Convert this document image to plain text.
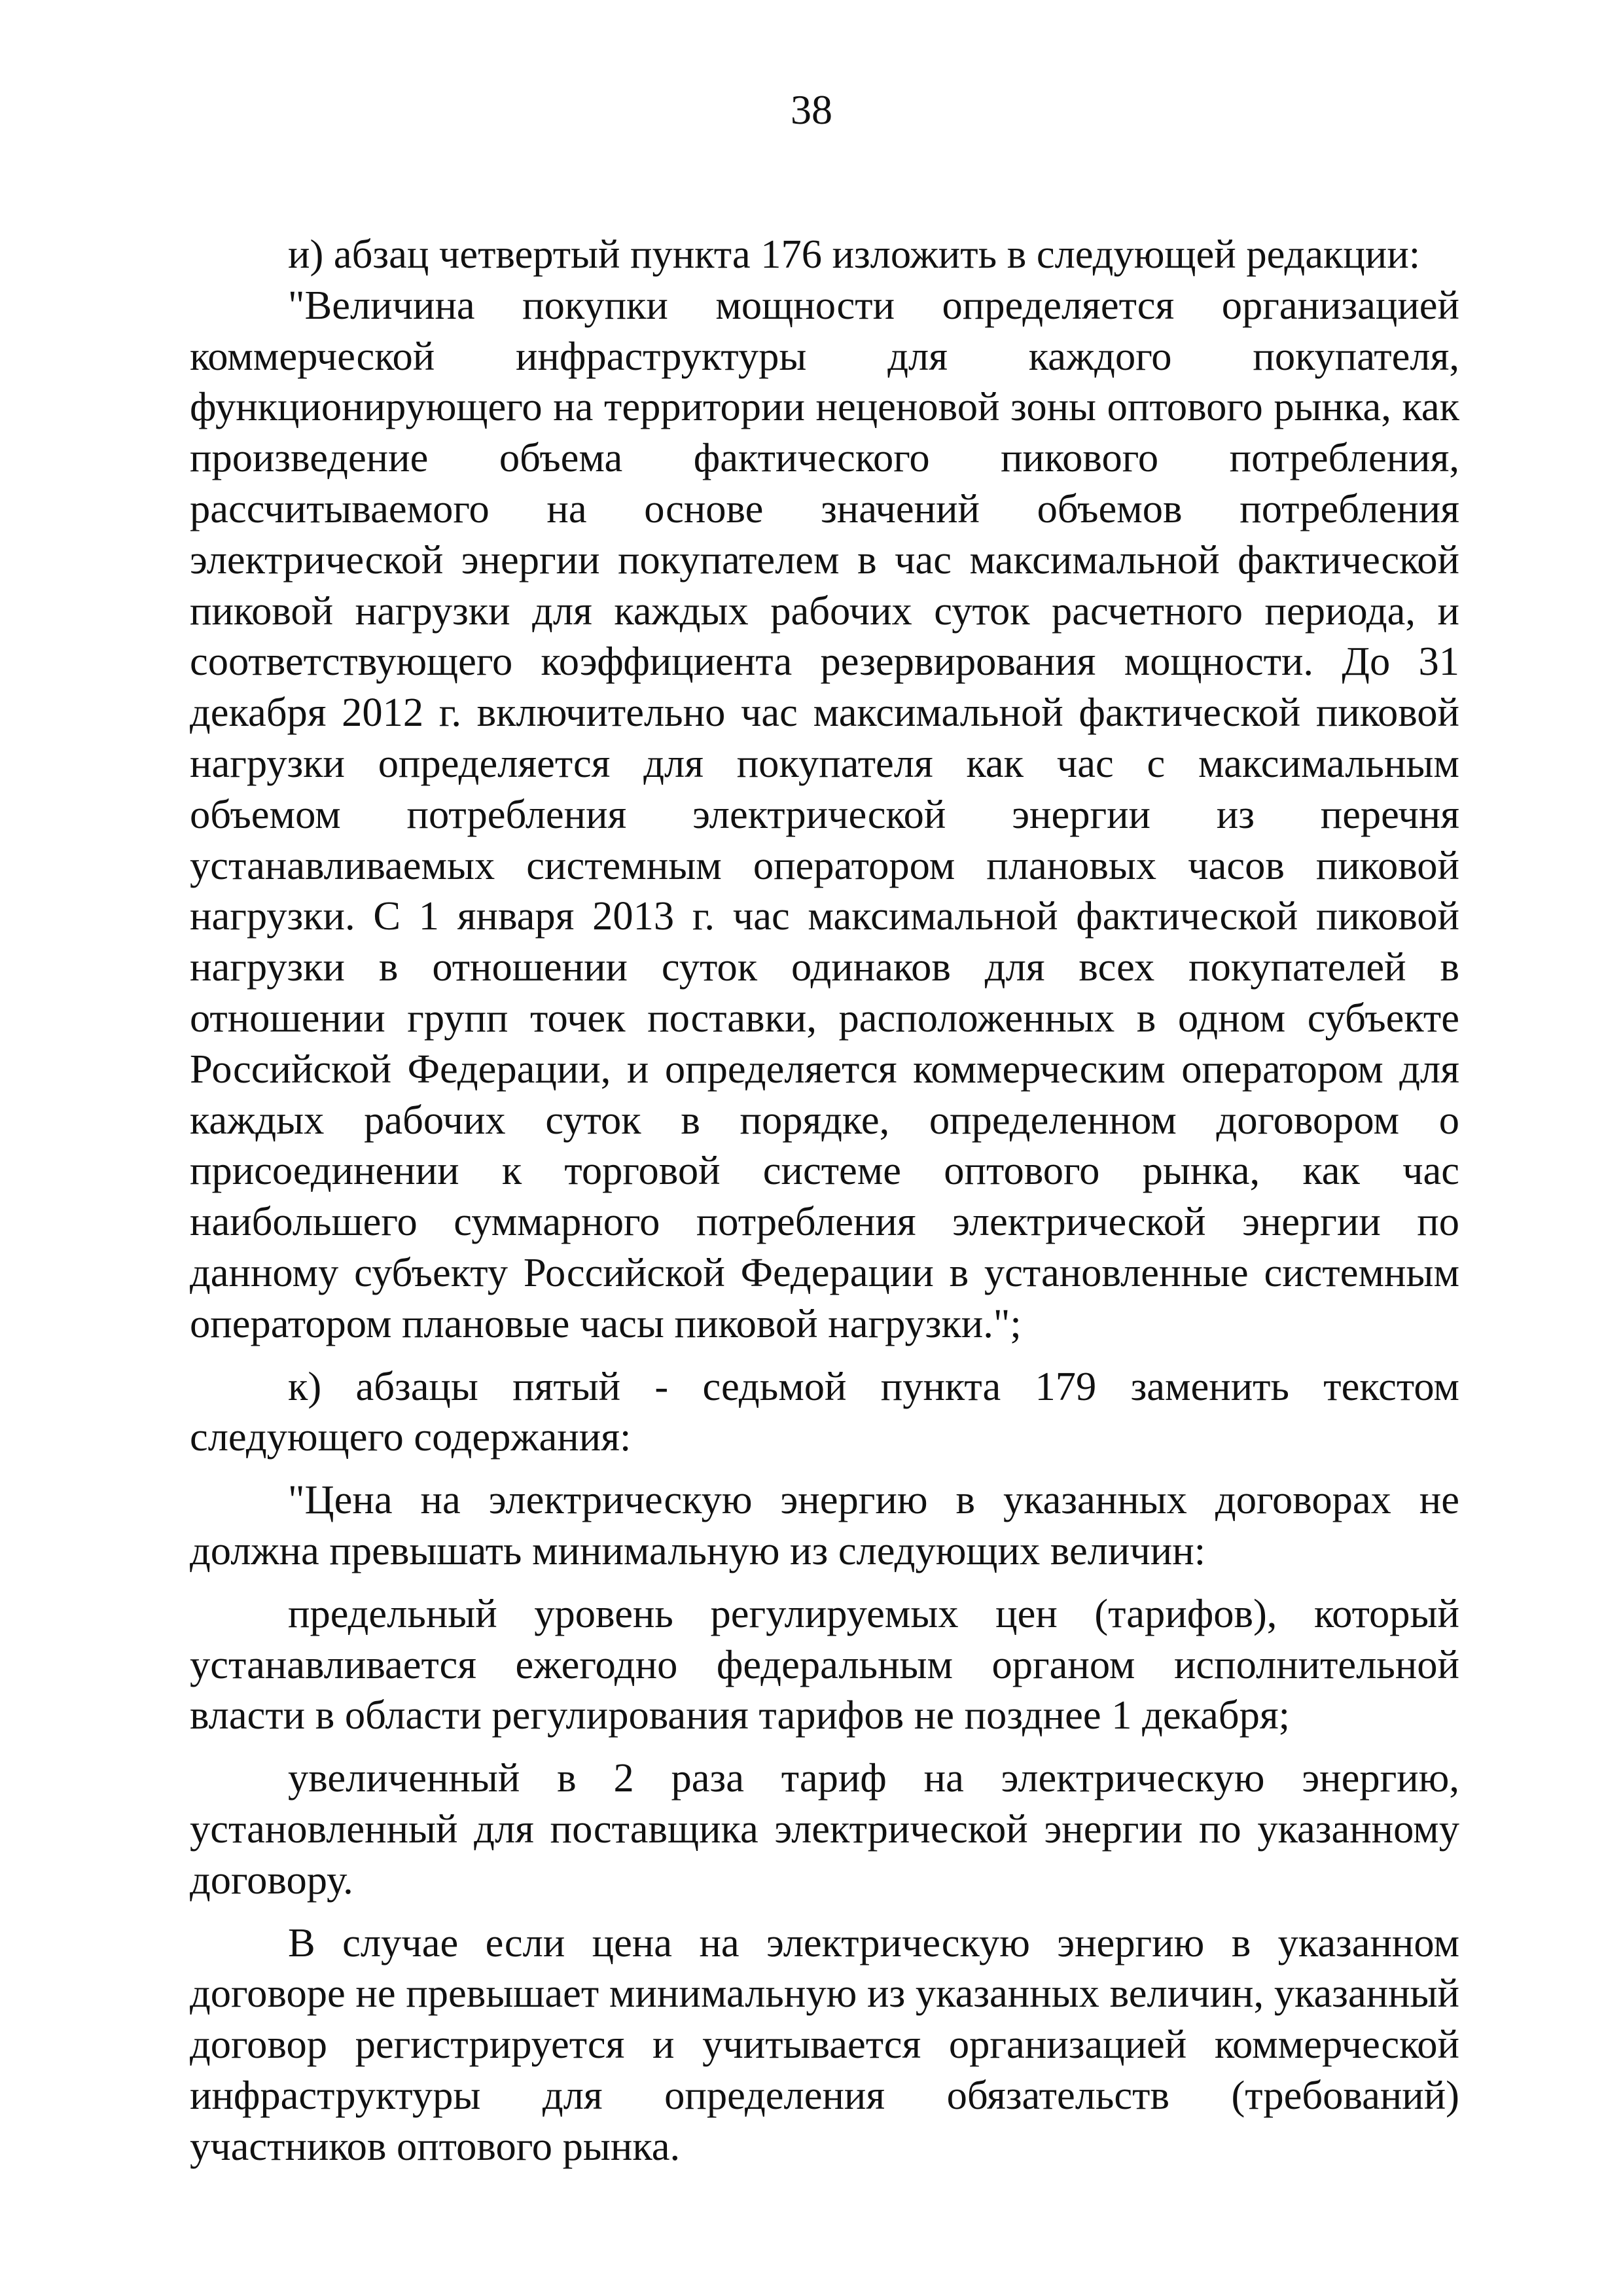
38

и) абзац четвертый пункта 176 изложить в следующей редакции:

"Величина покупки мощности определяется организацией коммерческой инфраструктуры для каждого покупателя, функционирующего на территории неценовой зоны оптового рынка, как произведение объема фактического пикового потребления, рассчитываемого на основе значений объемов потребления электрической энергии покупателем в час максимальной фактической пиковой нагрузки для каждых рабочих суток расчетного периода, и соответствующего коэффициента резервирования мощности. До 31 декабря 2012 г. включительно час максимальной фактической пиковой нагрузки определяется для покупателя как час с максимальным объемом потребления электрической энергии из перечня устанавливаемых системным оператором плановых часов пиковой нагрузки. С 1 января 2013 г. час максимальной фактической пиковой нагрузки в отношении суток одинаков для всех покупателей в отношении групп точек поставки, расположенных в одном субъекте Российской Федерации, и определяется коммерческим оператором для каждых рабочих суток в порядке, определенном договором о присоединении к торговой системе оптового рынка, как час наибольшего суммарного потребления электрической энергии по данному субъекту Российской Федерации в установленные системным оператором плановые часы пиковой нагрузки.";

к) абзацы пятый - седьмой пункта 179 заменить текстом следующего содержания:

"Цена на электрическую энергию в указанных договорах не должна превышать минимальную из следующих величин:

предельный уровень регулируемых цен (тарифов), который устанавливается ежегодно федеральным органом исполнительной власти в области регулирования тарифов не позднее 1 декабря;

увеличенный в 2 раза тариф на электрическую энергию, установленный для поставщика электрической энергии по указанному договору.

В случае если цена на электрическую энергию в указанном договоре не превышает минимальную из указанных величин, указанный договор регистрируется и учитывается организацией коммерческой инфраструктуры для определения обязательств (требований) участников оптового рынка.
